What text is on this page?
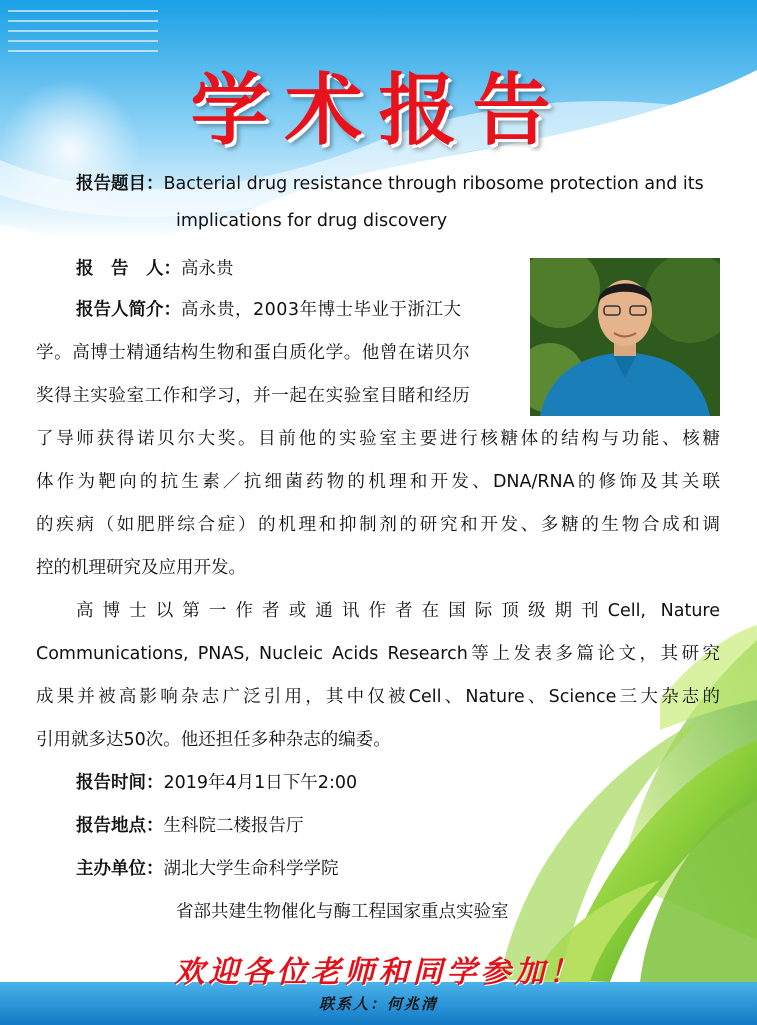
学术报告
报告题目：Bacterial drug resistance through ribosome protection and its
implications for drug discovery
报　告　人：高永贵
报告人简介：高永贵，2003年博士毕业于浙江大
学。高博士精通结构生物和蛋白质化学。他曾在诺贝尔
奖得主实验室工作和学习，并一起在实验室目睹和经历
了导师获得诺贝尔大奖。目前他的实验室主要进行核糖体的结构与功能、核糖
体作为靶向的抗生素／抗细菌药物的机理和开发、DNA/RNA的修饰及其关联
的疾病（如肥胖综合症）的机理和抑制剂的研究和开发、多糖的生物合成和调
控的机理研究及应用开发。
高博士以第一作者或通讯作者在国际顶级期刊Cell, Nature
Communications, PNAS, Nucleic Acids Research等上发表多篇论文，其研究
成果并被高影响杂志广泛引用，其中仅被Cell、Nature、Science三大杂志的
引用就多达50次。他还担任多种杂志的编委。
报告时间：2019年4月1日下午2:00
报告地点：生科院二楼报告厅
主办单位：湖北大学生命科学学院
省部共建生物催化与酶工程国家重点实验室
欢迎各位老师和同学参加！
联系人：何兆清
